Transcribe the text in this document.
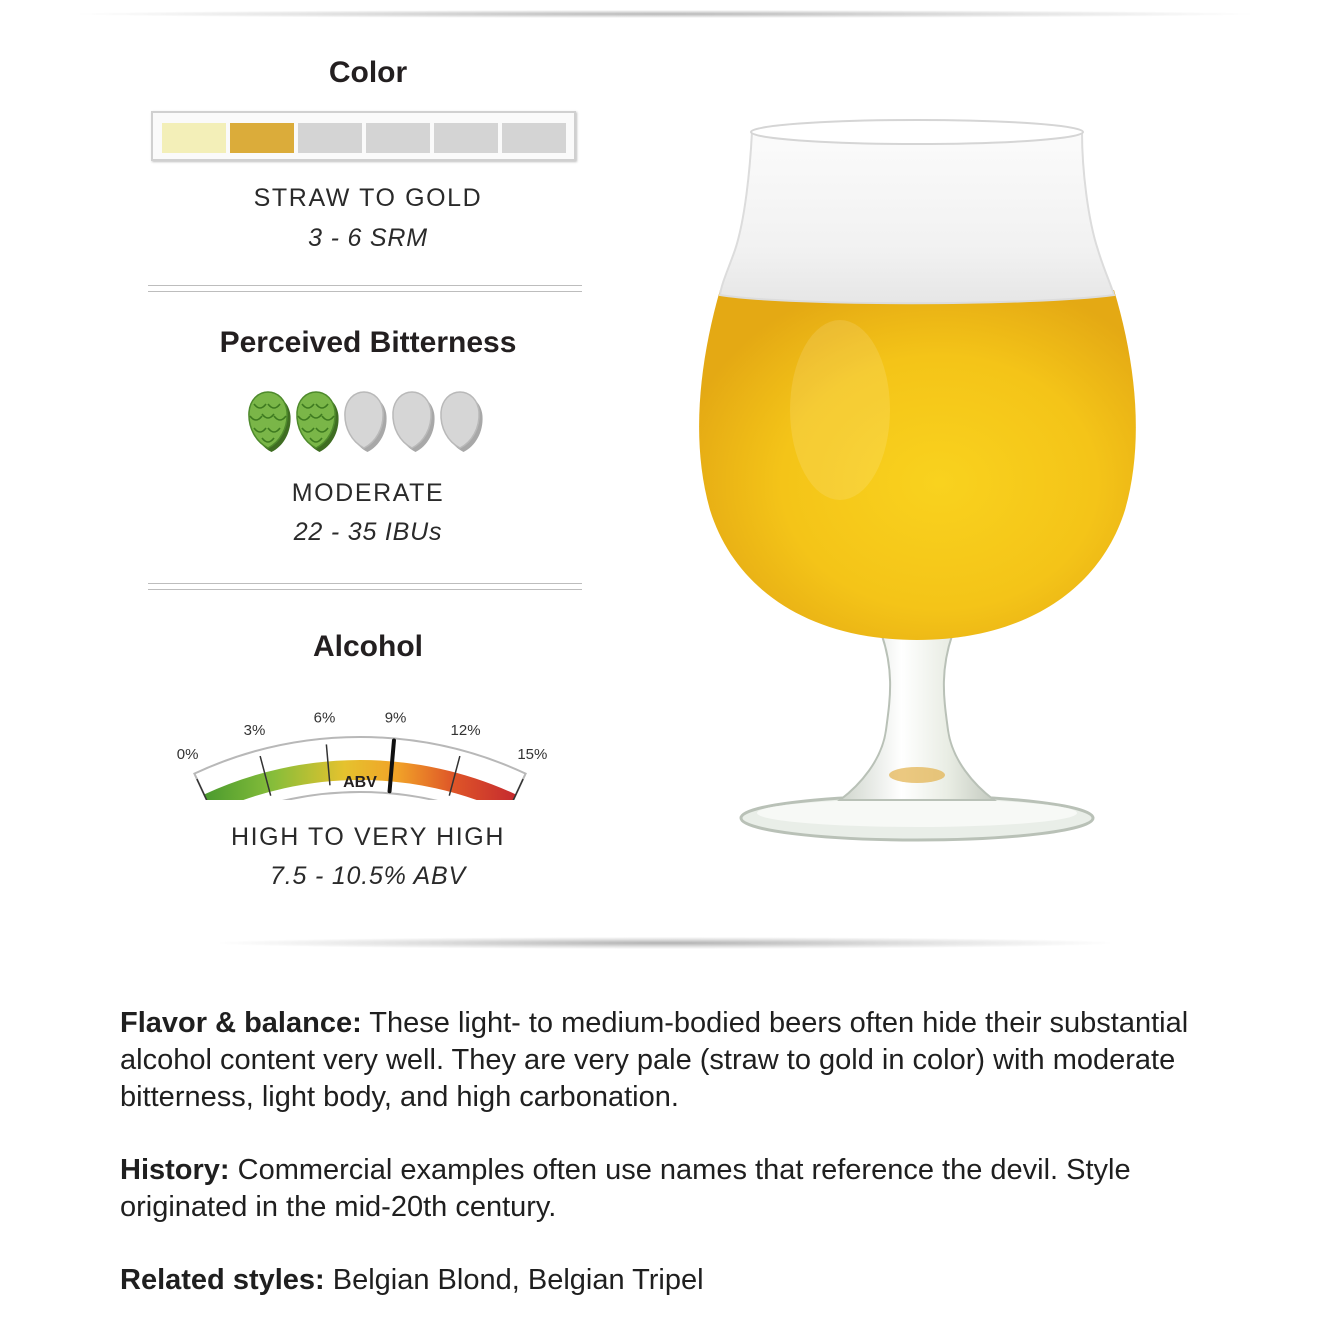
Color
STRAW TO GOLD
3 - 6 SRM
Perceived Bitterness
MODERATE
22 - 35 IBUs
Alcohol
0%
3%
6%	9%
12%
15%
ABV
HIGH TO VERY HIGH
7.5 - 10.5% ABV
Flavor & balance: These light- to medium-bodied beers often hide their substantial alcohol content very well. They are very pale (straw to gold in color) with moderate bitterness, light body, and high carbonation.
History: Commercial examples often use names that reference the devil. Style originated in the mid-20th century.
Related styles: Belgian Blond, Belgian Tripel
